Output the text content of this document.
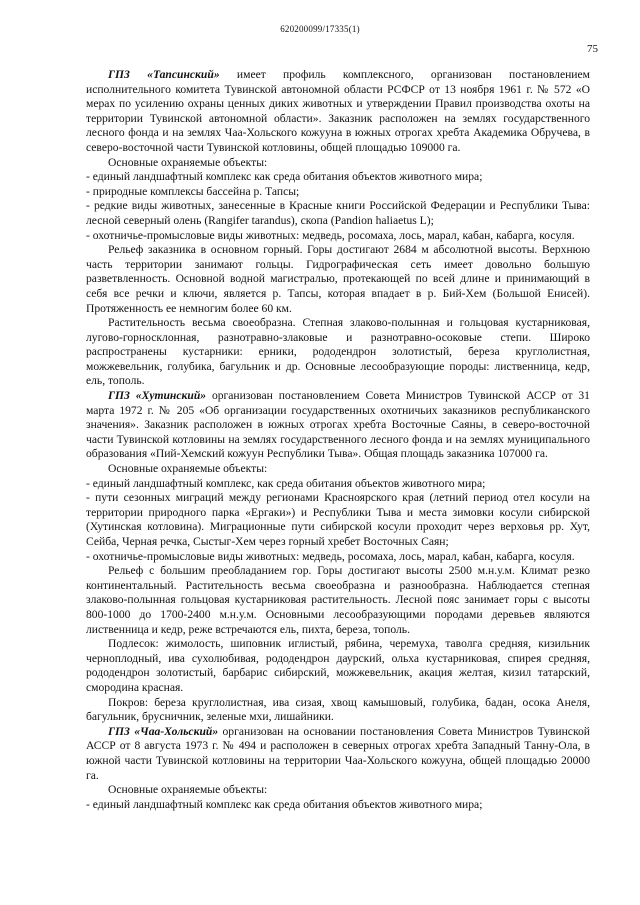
620200099/17335(1)
75

ГПЗ «Тапсинский» имеет профиль комплексного, организован постановлением исполнительного комитета Тувинской автономной области РСФСР от 13 ноября 1961 г. № 572 «О мерах по усилению охраны ценных диких животных и утверждении Правил производства охоты на территории Тувинской автономной области». Заказник расположен на землях государственного лесного фонда и на землях Чаа-Хольского кожууна в южных отрогах хребта Академика Обручева, в северо-восточной части Тувинской котловины, общей площадью 109000 га.

Основные охраняемые объекты:

- единый ландшафтный комплекс как среда обитания объектов животного мира;

- природные комплексы бассейна р. Тапсы;

- редкие виды животных, занесенные в Красные книги Российской Федерации и Республики Тыва: лесной северный олень (Rangifer tarandus), скопа (Pandion haliaetus L);

- охотничье-промысловые виды животных: медведь, росомаха, лось, марал, кабан, кабарга, косуля.

Рельеф заказника в основном горный. Горы достигают 2684 м абсолютной высоты. Верхнюю часть территории занимают гольцы. Гидрографическая сеть имеет довольно большую разветвленность. Основной водной магистралью, протекающей по всей длине и принимающий в себя все речки и ключи, является р. Тапсы, которая впадает в р. Бий-Хем (Большой Енисей). Протяженность ее немногим более 60 км.

Растительность весьма своеобразна. Степная злаково-полынная и гольцовая кустарниковая, лугово-горносклонная, разнотравно-злаковые и разнотравно-осоковые степи. Широко распространены кустарники: ерники, рододендрон золотистый, береза круглолистная, можжевельник, голубика, багульник и др. Основные лесообразующие породы: лиственница, кедр, ель, тополь.

ГПЗ «Хутинский» организован постановлением Совета Министров Тувинской АССР от 31 марта 1972 г. № 205 «Об организации государственных охотничьих заказников республиканского значения». Заказник расположен в южных отрогах хребта Восточные Саяны, в северо-восточной части Тувинской котловины на землях государственного лесного фонда и на землях муниципального образования «Пий-Хемский кожуун Республики Тыва». Общая площадь заказника 107000 га.

Основные охраняемые объекты:

- единый ландшафтный комплекс, как среда обитания объектов животного мира;

- пути сезонных миграций между регионами Красноярского края (летний период отел косули на территории природного парка «Ергаки») и Республики Тыва и места зимовки косули сибирской (Хутинская котловина). Миграционные пути сибирской косули проходит через верховья рр. Хут, Сейба, Черная речка, Сыстыг-Хем через горный хребет Восточных Саян;

- охотничье-промысловые виды животных: медведь, росомаха, лось, марал, кабан, кабарга, косуля.

Рельеф с большим преобладанием гор. Горы достигают высоты 2500 м.н.у.м. Климат резко континентальный. Растительность весьма своеобразна и разнообразна. Наблюдается степная злаково-полынная гольцовая кустарниковая растительность. Лесной пояс занимает горы с высоты 800-1000 до 1700-2400 м.н.у.м. Основными лесообразующими породами деревьев являются лиственница и кедр, реже встречаются ель, пихта, береза, тополь.

Подлесок: жимолость, шиповник иглистый, рябина, черемуха, таволга средняя, кизильник черноплодный, ива сухолюбивая, рододендрон даурский, ольха кустарниковая, спирея средняя, рододендрон золотистый, барбарис сибирский, можжевельник, акация желтая, кизил татарский, смородина красная.

Покров: береза круглолистная, ива сизая, хвощ камышовый, голубика, бадан, осока Анеля, багульник, брусничник, зеленые мхи, лишайники.

ГПЗ «Чаа-Хольский» организован на основании постановления Совета Министров Тувинской АССР от 8 августа 1973 г. № 494 и расположен в северных отрогах хребта Западный Танну-Ола, в южной части Тувинской котловины на территории Чаа-Хольского кожууна, общей площадью 20000 га.

Основные охраняемые объекты:

- единый ландшафтный комплекс как среда обитания объектов животного мира;
